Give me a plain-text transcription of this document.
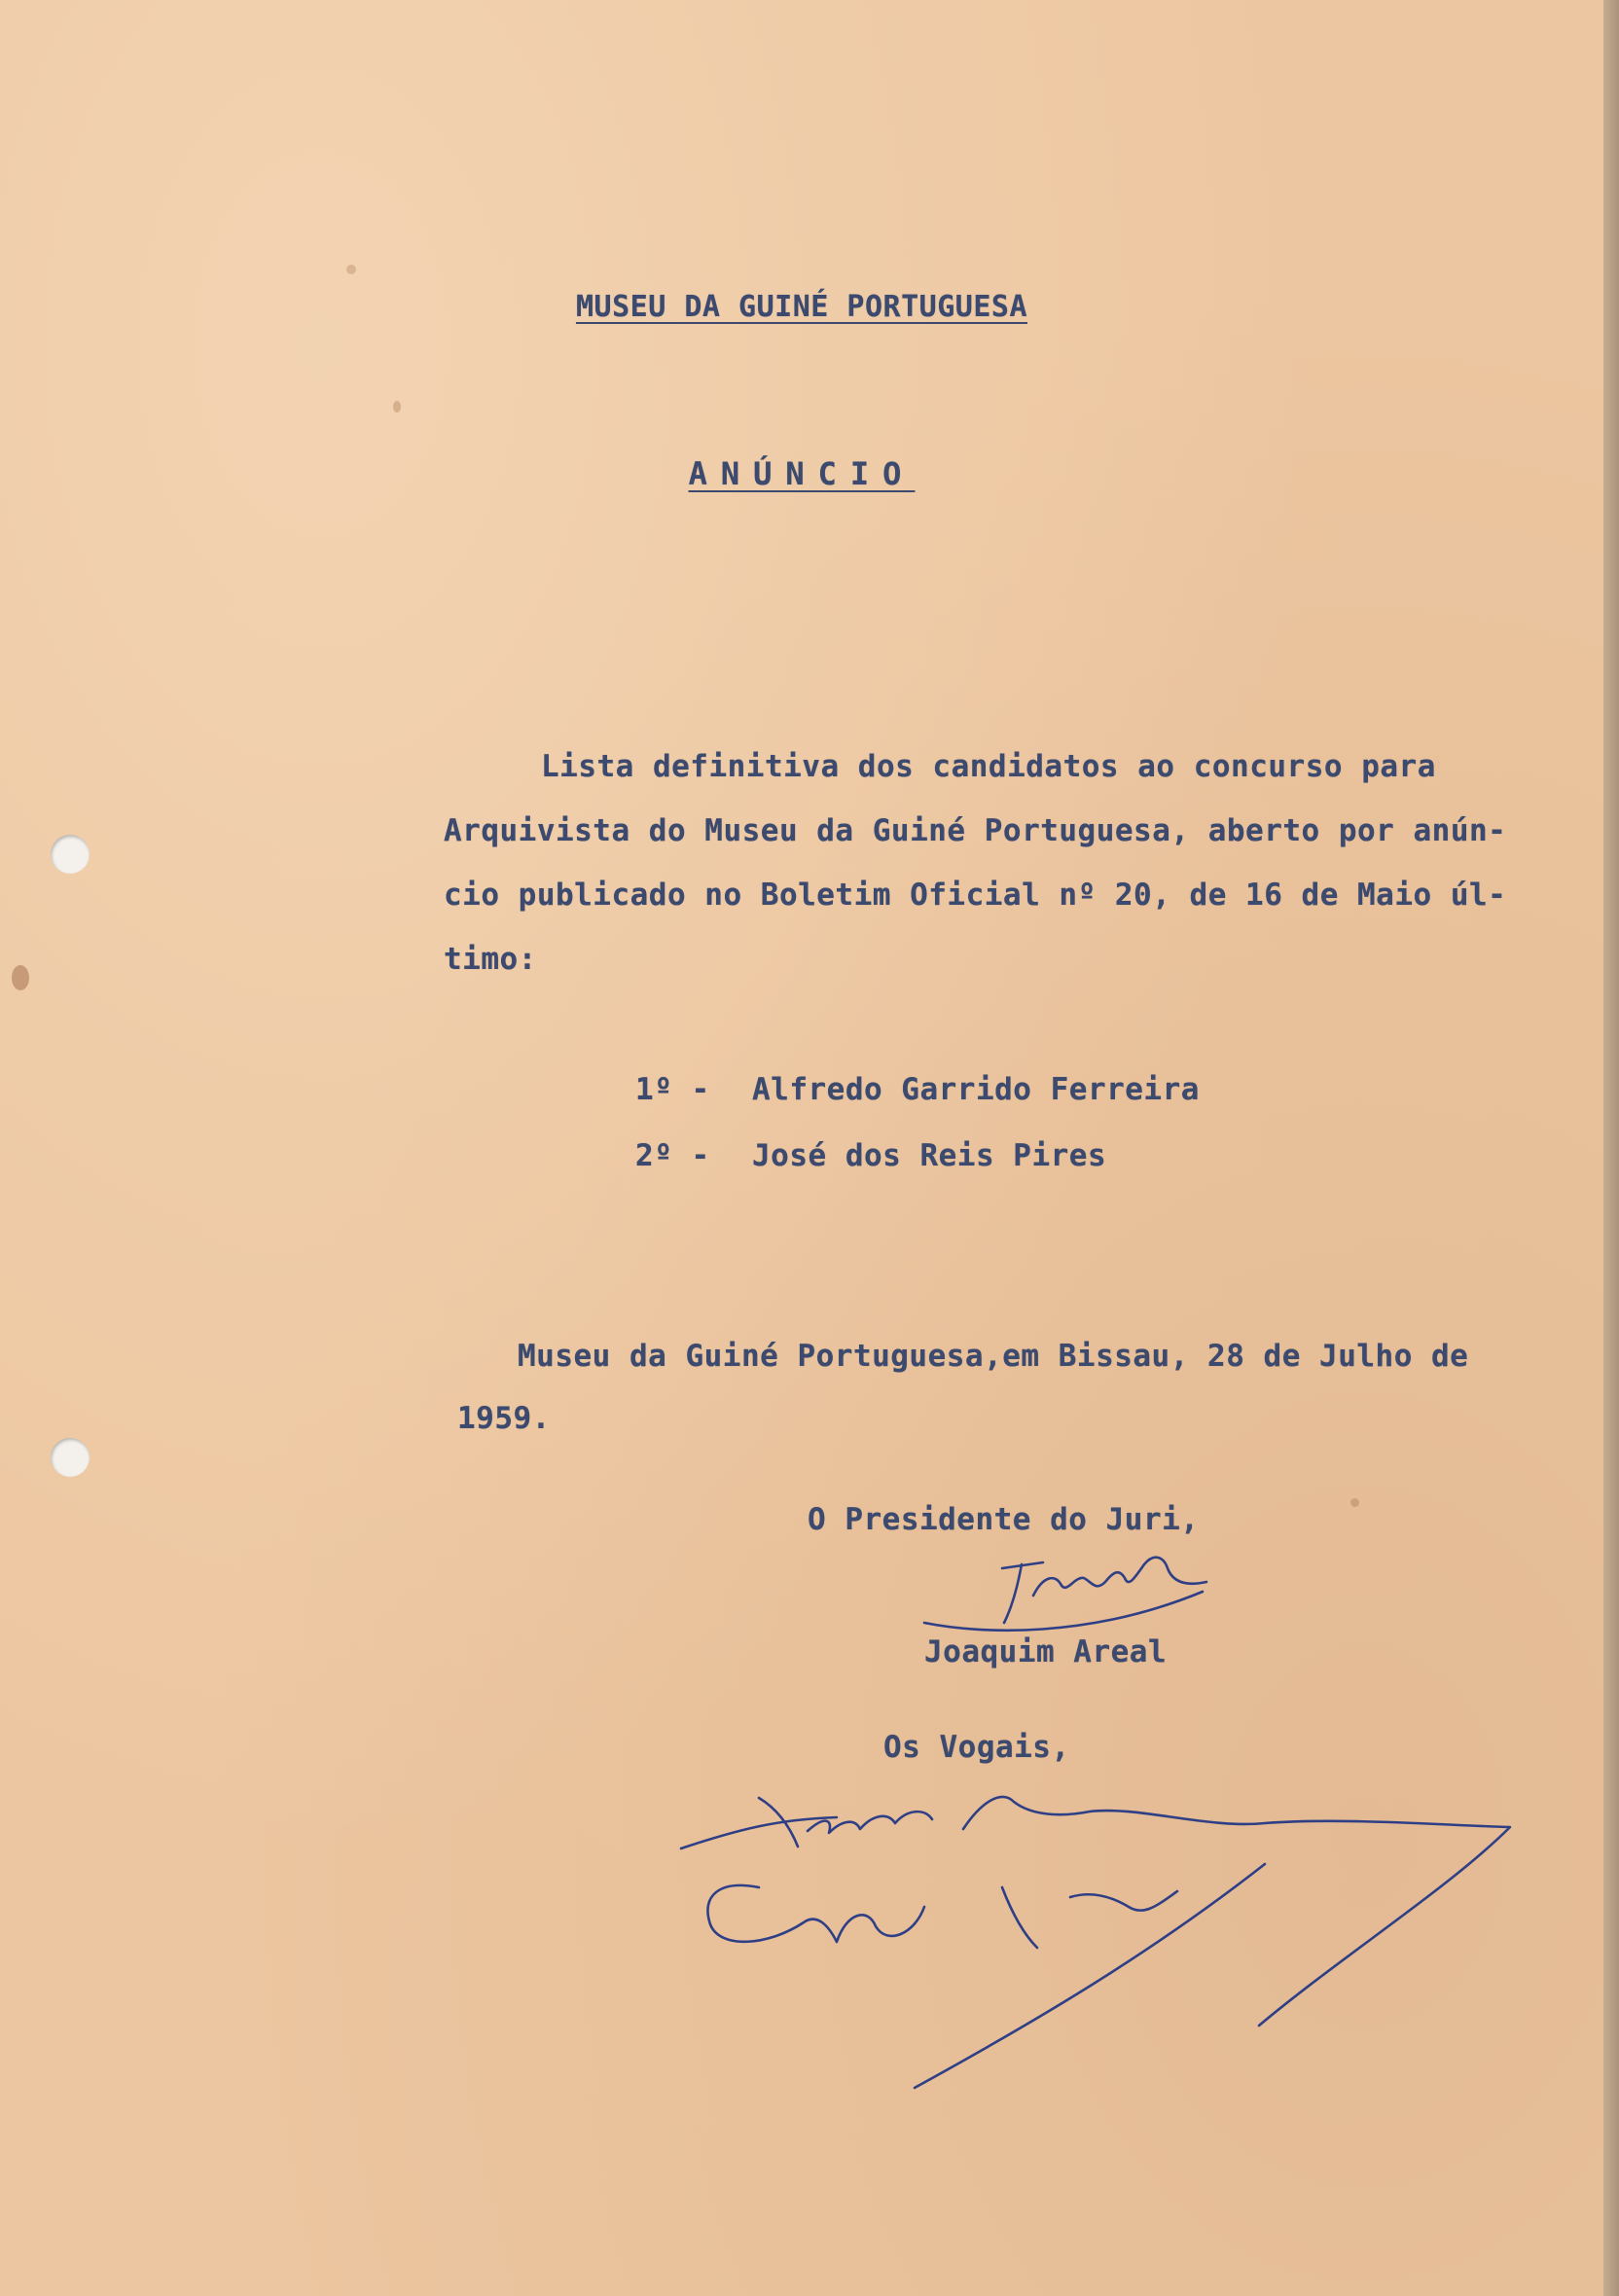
MUSEU DA GUINÉ PORTUGUESA

ANÚNCIO

Lista definitiva dos candidatos ao concurso para

Arquivista do Museu da Guiné Portuguesa, aberto por anún-

cio publicado no Boletim Oficial nº 20, de 16 de Maio úl-

timo:

1º - Alfredo Garrido Ferreira

2º - José dos Reis Pires

Museu da Guiné Portuguesa,em Bissau, 28 de Julho de

1959.

O Presidente do Juri,

Joaquim Areal

Os Vogais,
